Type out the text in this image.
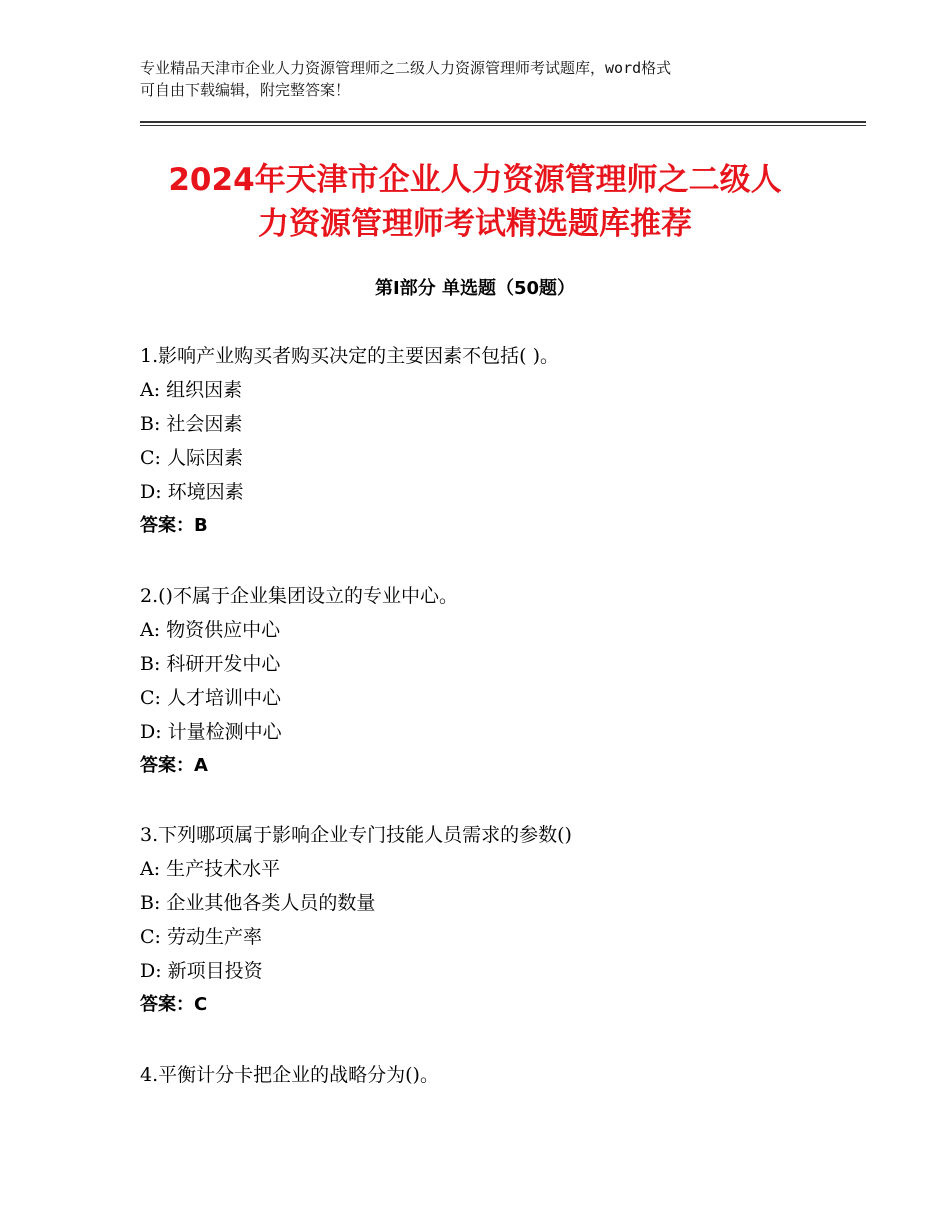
专业精品天津市企业人力资源管理师之二级人力资源管理师考试题库，word格式
可自由下载编辑，附完整答案！
2024年天津市企业人力资源管理师之二级人
力资源管理师考试精选题库推荐
第Ⅰ部分 单选题（50题）
1.影响产业购买者购买决定的主要因素不包括( )。
A: 组织因素
B: 社会因素
C: 人际因素
D: 环境因素
答案：B
2.()不属于企业集团设立的专业中心。
A: 物资供应中心
B: 科研开发中心
C: 人才培训中心
D: 计量检测中心
答案：A
3.下列哪项属于影响企业专门技能人员需求的参数()
A: 生产技术水平
B: 企业其他各类人员的数量
C: 劳动生产率
D: 新项目投资
答案：C
4.平衡计分卡把企业的战略分为()。
